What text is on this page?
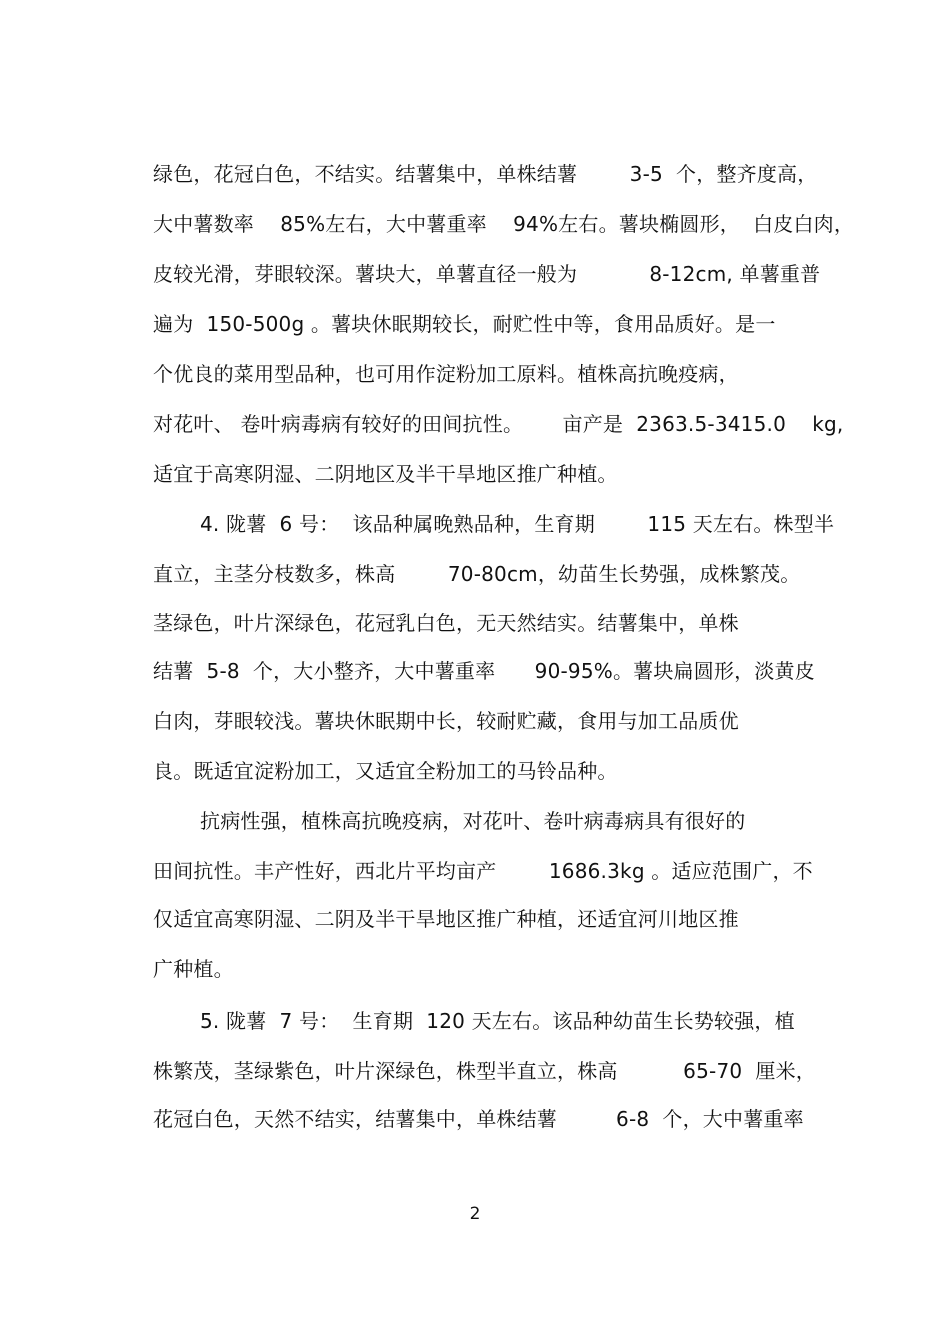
绿色，花冠白色，不结实。结薯集中，单株结薯        3-5  个，整齐度高，
大中薯数率    85%左右，大中薯重率    94%左右。薯块椭圆形，  白皮白肉，
皮较光滑，芽眼较深。薯块大，单薯直径一般为           8-12cm, 单薯重普
遍为  150-500g 。薯块休眠期较长，耐贮性中等，食用品质好。是一
个优良的菜用型品种，也可用作淀粉加工原料。植株高抗晚疫病，
对花叶、 卷叶病毒病有较好的田间抗性。      亩产是  2363.5-3415.0    kg,
适宜于高寒阴湿、二阴地区及半干旱地区推广种植。
4. 陇薯  6 号：  该品种属晚熟品种，生育期        115 天左右。株型半
直立，主茎分枝数多，株高        70-80cm，幼苗生长势强，成株繁茂。
茎绿色，叶片深绿色，花冠乳白色，无天然结实。结薯集中，单株
结薯  5-8  个，大小整齐，大中薯重率      90-95%。薯块扁圆形，淡黄皮
白肉，芽眼较浅。薯块休眠期中长，较耐贮藏，食用与加工品质优
良。既适宜淀粉加工，又适宜全粉加工的马铃品种。
抗病性强，植株高抗晚疫病，对花叶、卷叶病毒病具有很好的
田间抗性。丰产性好，西北片平均亩产        1686.3kg 。适应范围广，不
仅适宜高寒阴湿、二阴及半干旱地区推广种植，还适宜河川地区推
广种植。
5. 陇薯  7 号：  生育期  120 天左右。该品种幼苗生长势较强，植
株繁茂，茎绿紫色，叶片深绿色，株型半直立，株高          65-70  厘米，
花冠白色，天然不结实，结薯集中，单株结薯         6-8  个，大中薯重率
2
